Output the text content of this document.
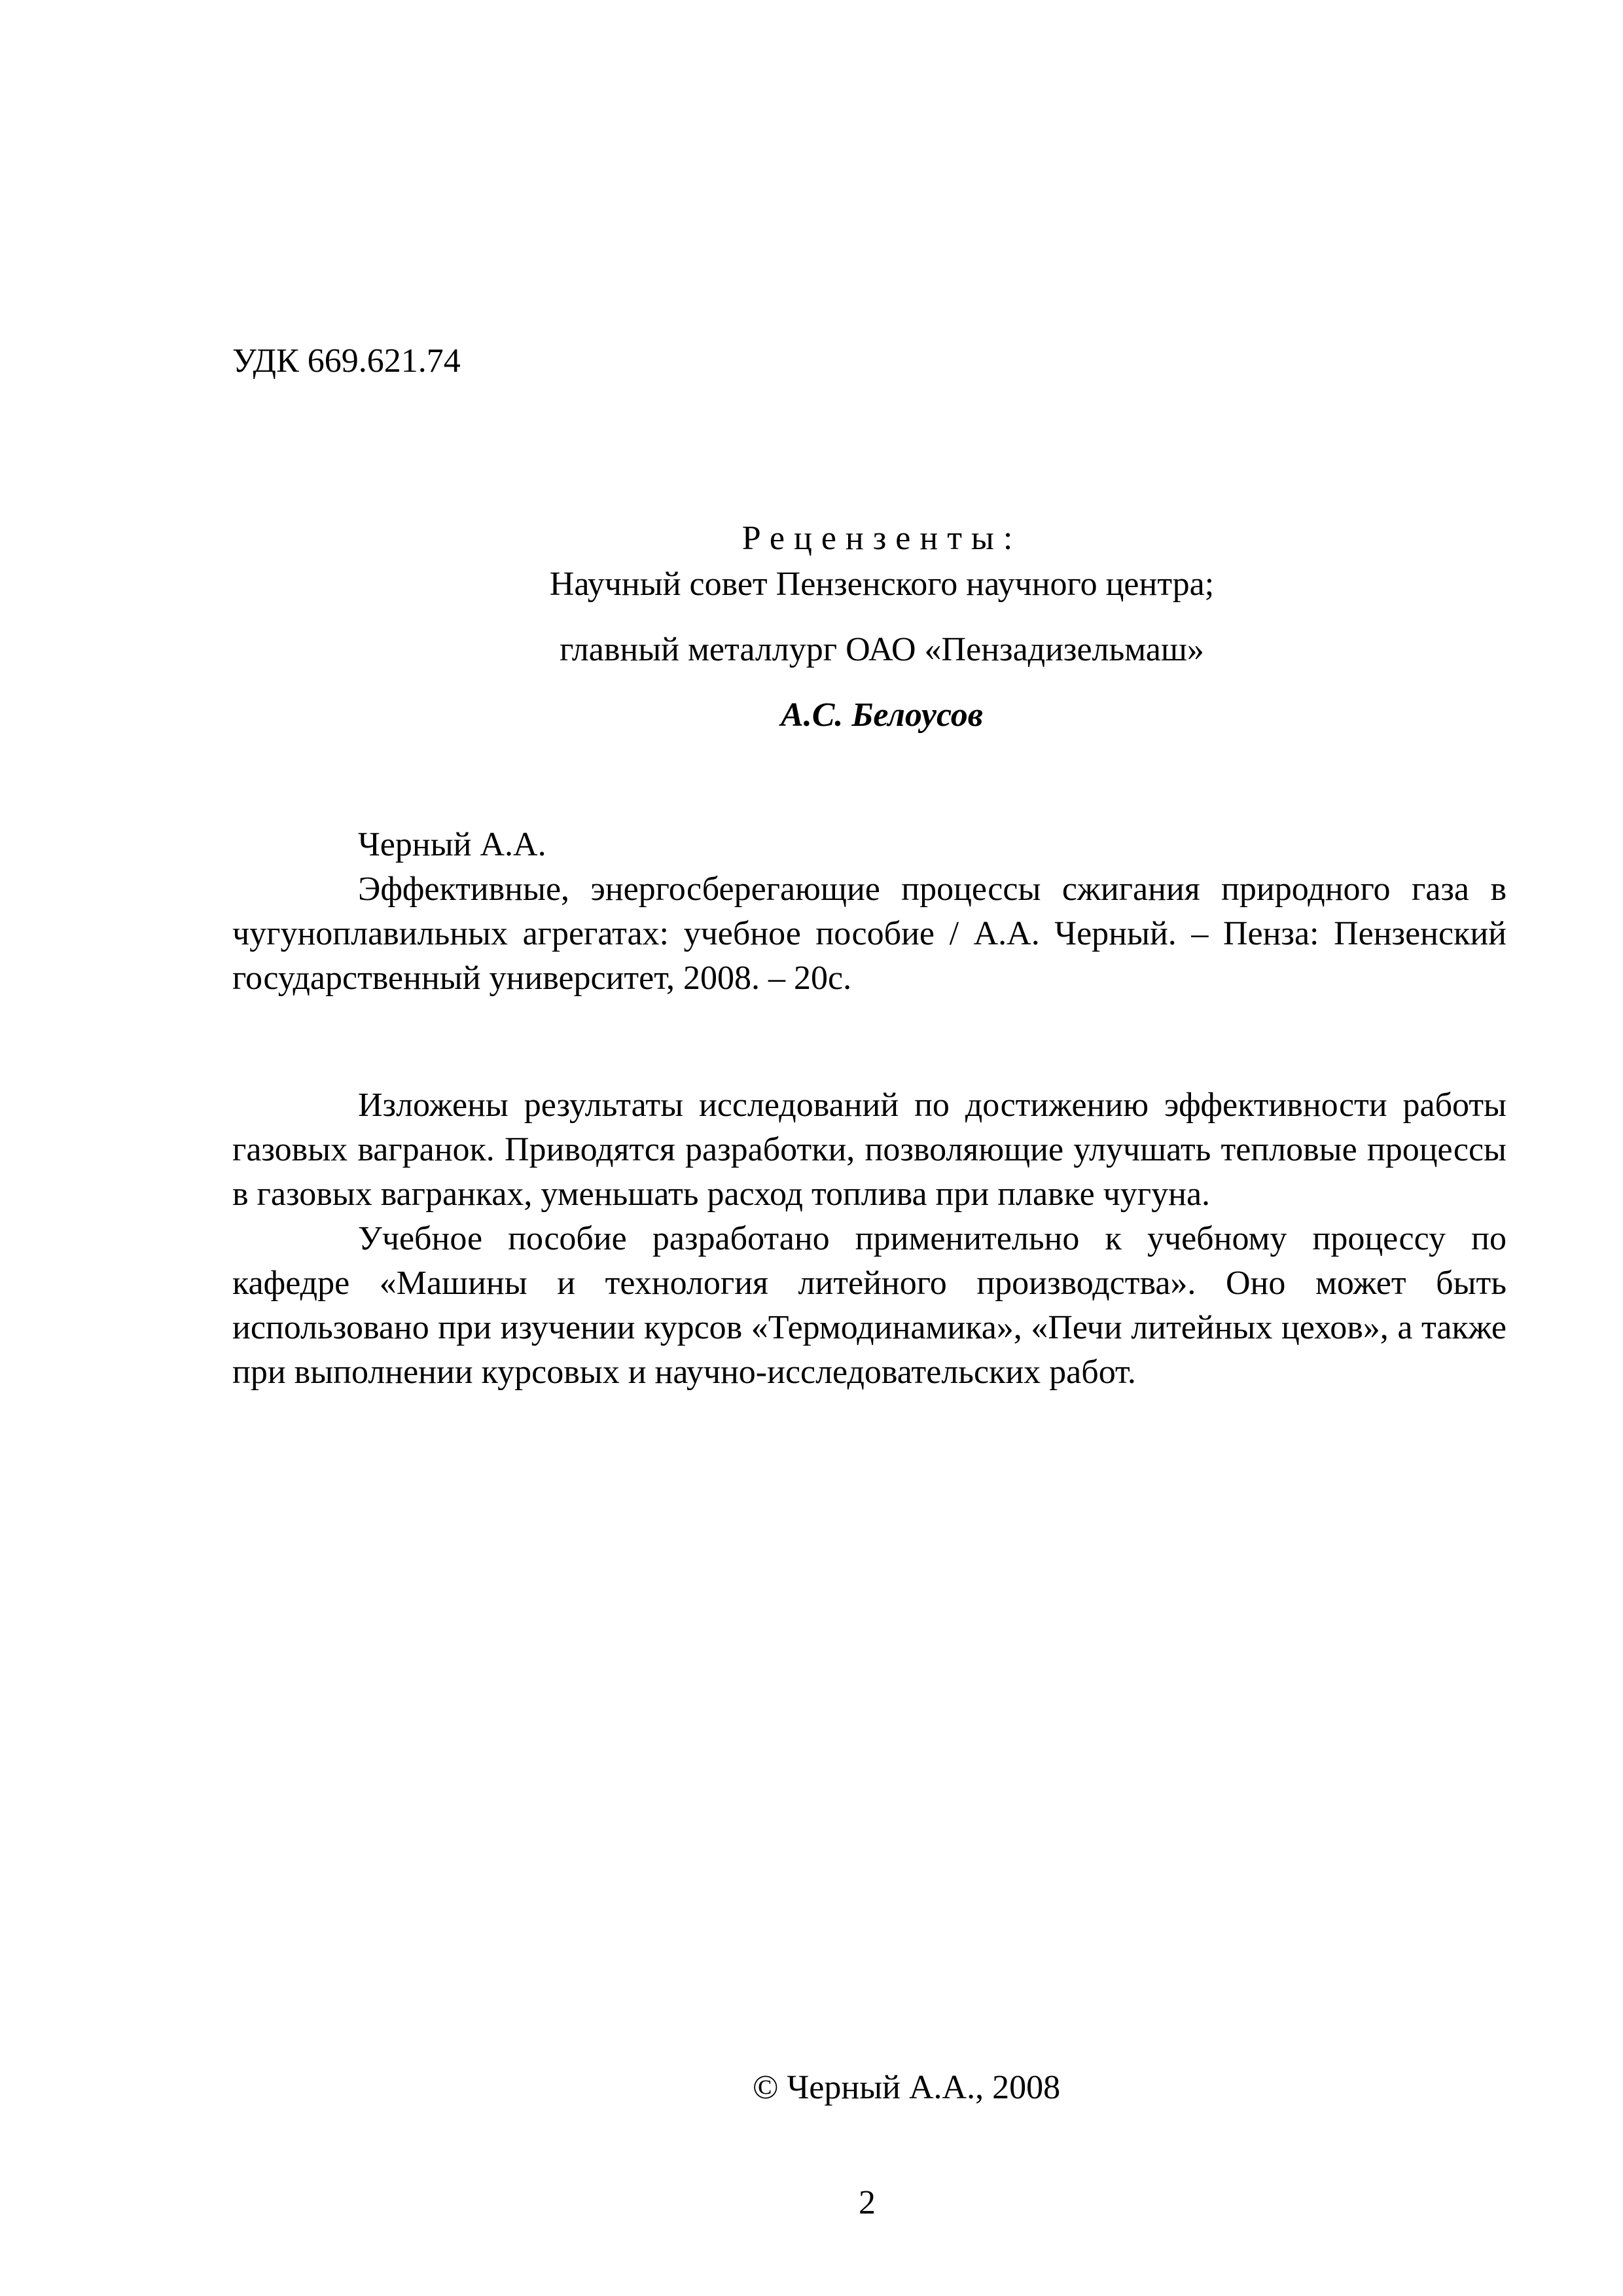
УДК 669.621.74
Рецензенты:
Научный совет Пензенского научного центра;
главный металлург ОАО «Пензадизельмаш»
А.С. Белоусов
Черный А.А.

Эффективные, энергосберегающие процессы сжигания природного газа в чугуноплавильных агрегатах: учебное пособие / А.А. Черный. – Пенза: Пензенский государственный университет, 2008. – 20с.

Изложены результаты исследований по достижению эффективности работы газовых вагранок. Приводятся разработки, позволяющие улучшать тепловые процессы в газовых вагранках, уменьшать расход топлива при плавке чугуна.

Учебное пособие разработано применительно к учебному процессу по кафедре «Машины и технология литейного производства». Оно может быть использовано при изучении курсов «Термодинамика», «Печи литейных цехов», а также при выполнении курсовых и научно-исследовательских работ.

© Черный А.А., 2008
2
